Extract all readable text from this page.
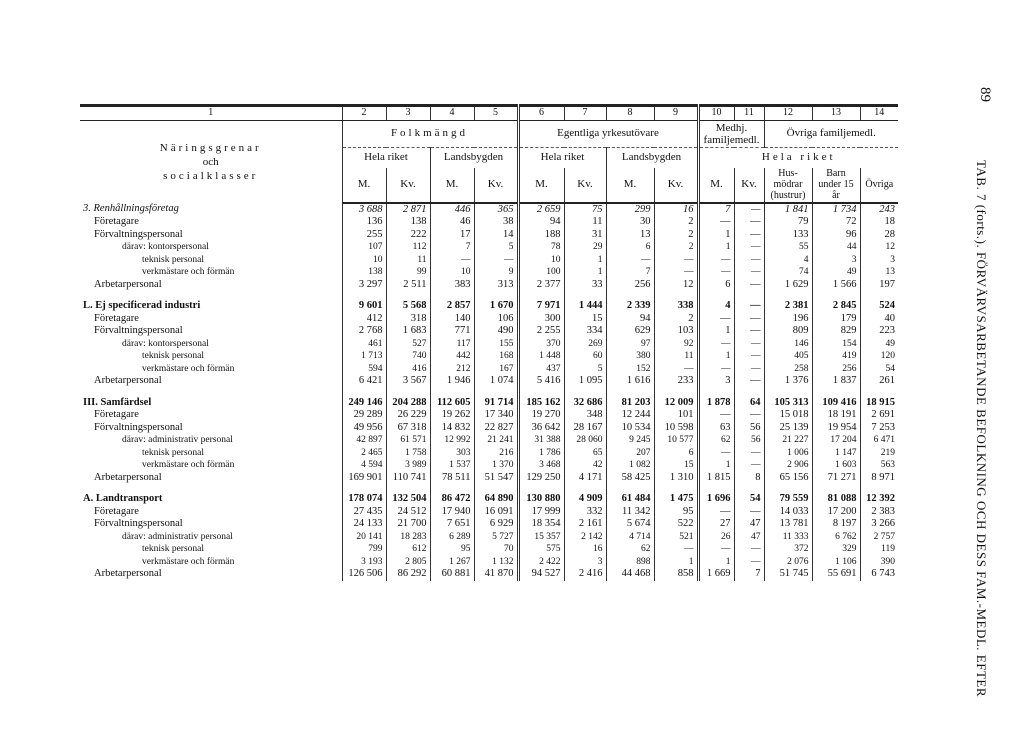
89
TAB. 7 (forts.). FÖRVÄRVSARBETANDE BEFOLKNING OCH DESS FAM.-MEDL. EFTER
1	2	3	4	5	6	7	8	9	10	11	12	13	14

Näringsgrenar
och
socialklasser	Folkmängd				Egentliga yrkesutövare				Medhj. familjemedl.		Övriga familjemedl.		
	Hela riket		Landsbygden		Hela riket		Landsbygden		Hela riket				
	M.	Kv.	M.	Kv.	M.	Kv.	M.	Kv.	M.	Kv.	Hus-mödrar (hustrur)	Barn under 15 år	Övriga
3. Renhållningsföretag	3 688	2 871	446	365	2 659	75	299	16	7	—	1 841	1 734	243
Företagare	136	138	46	38	94	11	30	2	—	—	79	72	18
Förvaltningspersonal	255	222	17	14	188	31	13	2	1	—	133	96	28
därav: kontorspersonal	107	112	7	5	78	29	6	2	1	—	55	44	12
teknisk personal	10	11	—	—	10	1	—	—	—	—	4	3	3
verkmästare och förmän	138	99	10	9	100	1	7	—	—	—	74	49	13
Arbetarpersonal	3 297	2 511	383	313	2 377	33	256	12	6	—	1 629	1 566	197

L. Ej specificerad industri	9 601	5 568	2 857	1 670	7 971	1 444	2 339	338	4	—	2 381	2 845	524
Företagare	412	318	140	106	300	15	94	2	—	—	196	179	40
Förvaltningspersonal	2 768	1 683	771	490	2 255	334	629	103	1	—	809	829	223
därav: kontorspersonal	461	527	117	155	370	269	97	92	—	—	146	154	49
teknisk personal	1 713	740	442	168	1 448	60	380	11	1	—	405	419	120
verkmästare och förmän	594	416	212	167	437	5	152	—	—	—	258	256	54
Arbetarpersonal	6 421	3 567	1 946	1 074	5 416	1 095	1 616	233	3	—	1 376	1 837	261

III. Samfärdsel	249 146	204 288	112 605	91 714	185 162	32 686	81 203	12 009	1 878	64	105 313	109 416	18 915
Företagare	29 289	26 229	19 262	17 340	19 270	348	12 244	101	—	—	15 018	18 191	2 691
Förvaltningspersonal	49 956	67 318	14 832	22 827	36 642	28 167	10 534	10 598	63	56	25 139	19 954	7 253
därav: administrativ personal	42 897	61 571	12 992	21 241	31 388	28 060	9 245	10 577	62	56	21 227	17 204	6 471
teknisk personal	2 465	1 758	303	216	1 786	65	207	6	—	—	1 006	1 147	219
verkmästare och förmän	4 594	3 989	1 537	1 370	3 468	42	1 082	15	1	—	2 906	1 603	563
Arbetarpersonal	169 901	110 741	78 511	51 547	129 250	4 171	58 425	1 310	1 815	8	65 156	71 271	8 971

A. Landtransport	178 074	132 504	86 472	64 890	130 880	4 909	61 484	1 475	1 696	54	79 559	81 088	12 392
Företagare	27 435	24 512	17 940	16 091	17 999	332	11 342	95	—	—	14 033	17 200	2 383
Förvaltningspersonal	24 133	21 700	7 651	6 929	18 354	2 161	5 674	522	27	47	13 781	8 197	3 266
därav: administrativ personal	20 141	18 283	6 289	5 727	15 357	2 142	4 714	521	26	47	11 333	6 762	2 757
teknisk personal	799	612	95	70	575	16	62	—	—	—	372	329	119
verkmästare och förmän	3 193	2 805	1 267	1 132	2 422	3	898	1	1	—	2 076	1 106	390
Arbetarpersonal	126 506	86 292	60 881	41 870	94 527	2 416	44 468	858	1 669	7	51 745	55 691	6 743
